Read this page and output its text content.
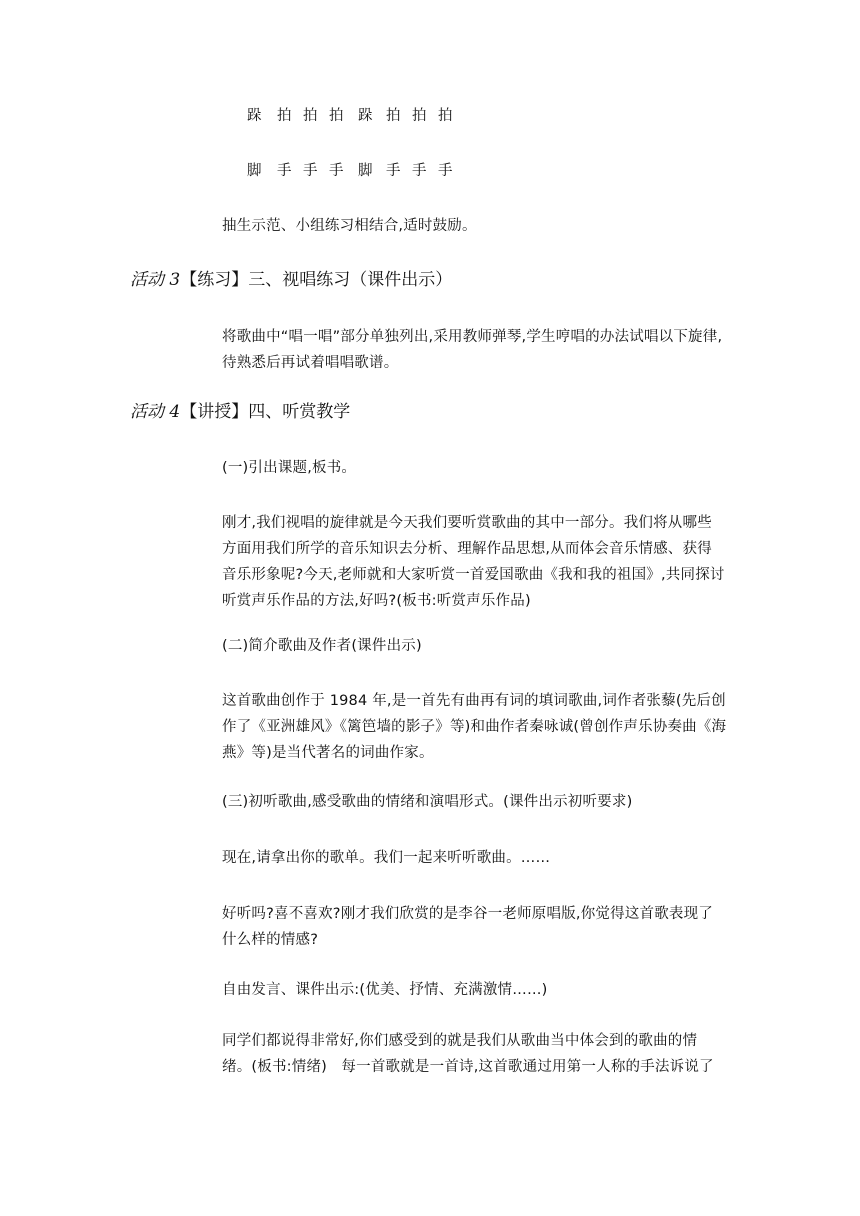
跺 拍 拍 拍 跺 拍 拍 拍
脚 手 手 手 脚 手 手 手
抽生示范、小组练习相结合,适时鼓励。
活动 3【练习】三、视唱练习（课件出示）

将歌曲中“唱一唱”部分单独列出,采用教师弹琴,学生哼唱的办法试唱以下旋律,

待熟悉后再试着唱唱歌谱。

活动 4【讲授】四、听赏教学
(一)引出课题,板书。

刚才,我们视唱的旋律就是今天我们要听赏歌曲的其中一部分。我们将从哪些

方面用我们所学的音乐知识去分析、理解作品思想,从而体会音乐情感、获得

音乐形象呢?今天,老师就和大家听赏一首爱国歌曲《我和我的祖国》,共同探讨

听赏声乐作品的方法,好吗?(板书:听赏声乐作品)

(二)简介歌曲及作者(课件出示)

这首歌曲创作于 1984 年,是一首先有曲再有词的填词歌曲,词作者张藜(先后创

作了《亚洲雄风》《篱笆墙的影子》等)和曲作者秦咏诚(曾创作声乐协奏曲《海

燕》等)是当代著名的词曲作家。

(三)初听歌曲,感受歌曲的情绪和演唱形式。(课件出示初听要求)
现在,请拿出你的歌单。我们一起来听听歌曲。……

好听吗?喜不喜欢?刚才我们欣赏的是李谷一老师原唱版,你觉得这首歌表现了

什么样的情感?

自由发言、课件出示:(优美、抒情、充满激情……)

同学们都说得非常好,你们感受到的就是我们从歌曲当中体会到的歌曲的情

绪。(板书:情绪)   每一首歌就是一首诗,这首歌通过用第一人称的手法诉说了
